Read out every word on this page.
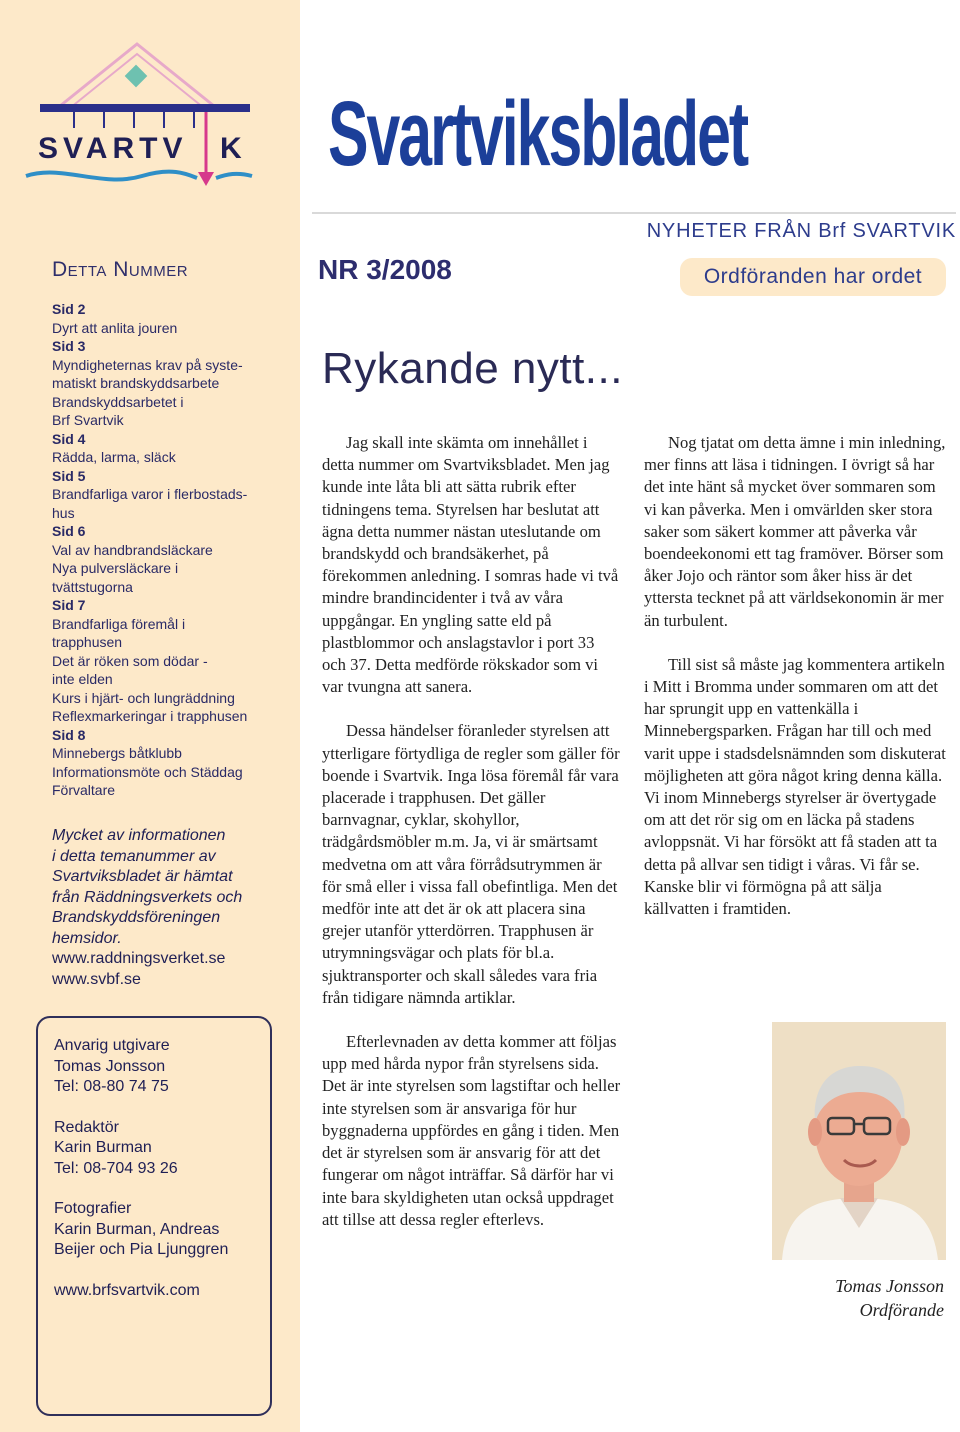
SVARTV K
Detta Nummer
Sid 2
Dyrt att anlita jouren
Sid 3
Myndigheternas krav på syste-
matiskt brandskyddsarbete
Brandskyddsarbetet i
Brf Svartvik
Sid 4
Rädda, larma, släck
Sid 5
Brandfarliga varor i flerbostads-
hus
Sid 6
Val av handbrandsläckare
Nya pulversläckare i
tvättstugorna
Sid 7
Brandfarliga föremål i
trapphusen
Det är röken som dödar -
inte elden
Kurs i hjärt- och lungräddning
Reflexmarkeringar i trapphusen
Sid 8
Minnebergs båtklubb
Informationsmöte och Städdag
Förvaltare
Mycket av informationen
i detta temanummer av
Svartviksbladet är hämtat
från Räddningsverkets och
Brandskyddsföreningen
hemsidor.
www.raddningsverket.se
www.svbf.se
Anvarig utgivare
Tomas Jonsson
Tel: 08-80 74 75
Redaktör
Karin Burman
Tel: 08-704 93 26
Fotografier
Karin Burman, Andreas
Beijer och Pia Ljunggren
www.brfsvartvik.com
Svartviksbladet
NYHETER FRÅN Brf SVARTVIK
NR 3/2008	Ordföranden har ordet
Rykande nytt...

Jag skall inte skämta om innehållet i detta nummer om Svartviksbladet. Men jag kunde inte låta bli att sätta rubrik efter tidningens tema. Styrelsen har beslutat att ägna detta nummer nästan uteslutande om brandskydd och brandsäkerhet, på förekommen anledning. I somras hade vi två mindre brandincidenter i två av våra uppgångar. En yngling satte eld på plastblommor och anslagstavlor i port 33 och 37. Detta medförde rökskador som vi var tvungna att sanera.

Dessa händelser föranleder styrelsen att ytterligare förtydliga de regler som gäller för boende i Svartvik. Inga lösa föremål får vara placerade i trapphusen. Det gäller barnvagnar, cyklar, skohyllor, trädgårdsmöbler m.m. Ja, vi är smärtsamt medvetna om att våra förrådsutrymmen är för små eller i vissa fall obefintliga. Men det medför inte att det är ok att placera sina grejer utanför ytterdörren. Trapphusen är utrymningsvägar och plats för bl.a. sjuktransporter och skall således vara fria från tidigare nämnda artiklar.

Efterlevnaden av detta kommer att följas upp med hårda nypor från styrelsens sida. Det är inte styrelsen som lagstiftar och heller inte styrelsen som är ansvariga för hur byggnaderna uppfördes en gång i tiden. Men det är styrelsen som är ansvarig för att det fungerar om något inträffar. Så därför har vi inte bara skyldigheten utan också uppdraget att tillse att dessa regler efterlevs.

Nog tjatat om detta ämne i min inledning, mer finns att läsa i tidningen. I övrigt så har det inte hänt så mycket över sommaren som vi kan påverka. Men i omvärlden sker stora saker som säkert kommer att påverka vår boendeekonomi ett tag framöver. Börser som åker Jojo och räntor som åker hiss är det yttersta tecknet på att världsekonomin är mer än turbulent.

Till sist så måste jag kommentera artikeln i Mitt i Bromma under sommaren om att det har sprungit upp en vattenkälla i Minnebergsparken. Frågan har till och med varit uppe i stadsdelsnämnden som diskuterat möjligheten att göra något kring denna källa. Vi inom Minnebergs styrelser är övertygade om att det rör sig om en läcka på stadens avloppsnät. Vi har försökt att få staden att ta detta på allvar sen tidigt i våras. Vi får se. Kanske blir vi förmögna på att sälja källvatten i framtiden.

Tomas Jonsson
Ordförande
